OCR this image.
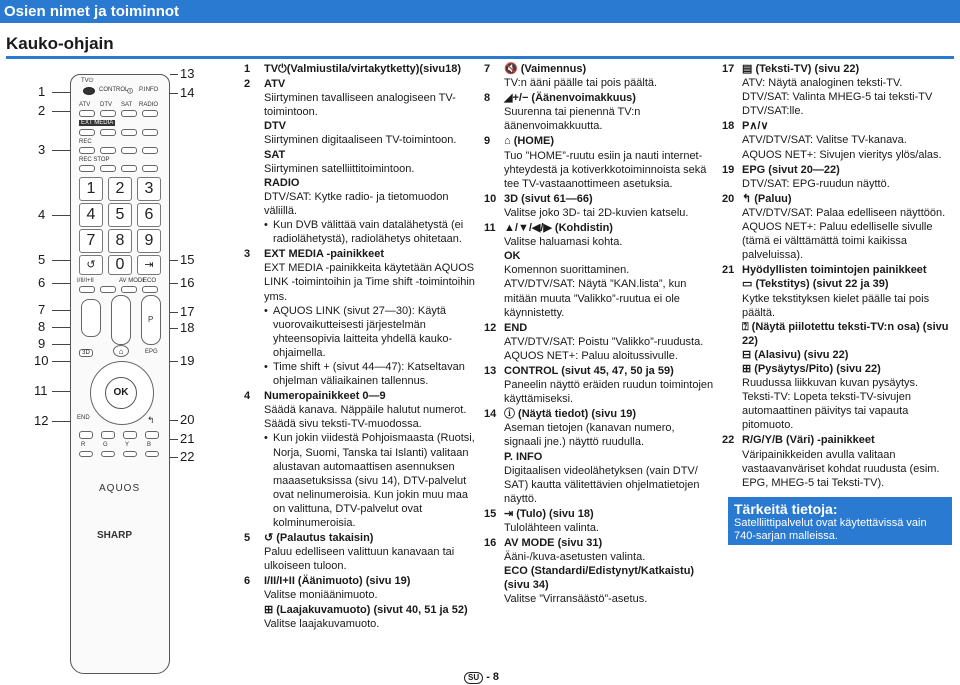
Osien nimet ja toiminnot
Kauko-ohjain
TV⏻
CONTROL
🛈 P.INFO
ATV DTV SAT RADIO
EXT MEDIA
REC
REC STOP
1	2	3
4	5	6
7	8	9
↺	0	⇥
I/II/I+II	AV MODE
ECO
P
3D	⌂	EPG
OK
END	↰
R	G	Y	B
AQUOS
SHARP
1
2
3
4
5
6
7
8
9
10
11
12
13
14
15
16
17
18
19
20
21
22
1 TV⏻(Valmiustila/virtakytketty)(sivu18)

2 ATV

Siirtyminen tavalliseen analogiseen TV-toimintoon.

DTV

Siirtyminen digitaaliseen TV-toimintoon.

SAT

Siirtyminen satelliittitoimintoon.

RADIO

DTV/SAT: Kytke radio- ja tietomuodon väliillä.

• Kun DVB välittää vain datalähetystä (ei radiolähetystä), radiolähetys ohitetaan.

3 EXT MEDIA -painikkeet

EXT MEDIA -painikkeita käytetään AQUOS LINK -toimintoihin ja Time shift -toimintoihin yms.

• AQUOS LINK (sivut 27—30): Käytä vuorovaikutteisesti järjestelmän yhteensopivia laitteita yhdellä kauko-ohjaimella.

• Time shift + (sivut 44—47): Katseltavan ohjelman väliaikainen tallennus.

4 Numeropainikkeet 0—9

Säädä kanava. Näppäile halutut numerot. Säädä sivu teksti-TV-muodossa.

• Kun jokin viidestä Pohjoismaasta (Ruotsi, Norja, Suomi, Tanska tai Islanti) valitaan alustavan automaattisen asennuksen maaasetuksissa (sivu 14), DTV-palvelut ovat nelinumeroisia. Kun jokin muu maa on valittuna, DTV-palvelut ovat kolminumeroisia.

5 ↺ (Palautus takaisin)

Paluu edelliseen valittuun kanavaan tai ulkoiseen tuloon.

6 I/II/I+II (Äänimuoto) (sivu 19)

Valitse moniäänimuoto.

⊞ (Laajakuvamuoto) (sivut 40, 51 ja 52)

Valitse laajakuvamuoto.

7 🔇 (Vaimennus)

TV:n ääni päälle tai pois päältä.

8 ◢+/− (Äänenvoimakkuus)

Suurenna tai pienennä TV:n äänenvoimakkuutta.

9 ⌂ (HOME)

Tuo ”HOME”-ruutu esiin ja nauti internet-yhteydestä ja kotiverkkotoiminnoista sekä tee TV-vastaanottimeen asetuksia.

10 3D (sivut 61—66)

Valitse joko 3D- tai 2D-kuvien katselu.

11 ▲/▼/◀/▶ (Kohdistin)

Valitse haluamasi kohta.

OK

Komennon suorittaminen.

ATV/DTV/SAT: Näytä ”KAN.lista”, kun mitään muuta ”Valikko”-ruutua ei ole käynnistetty.

12 END

ATV/DTV/SAT: Poistu ”Valikko”-ruudusta.

AQUOS NET+: Paluu aloitussivulle.

13 CONTROL (sivut 45, 47, 50 ja 59)

Paneelin näyttö eräiden ruudun toimintojen käyttämiseksi.

14 ⓘ (Näytä tiedot) (sivu 19)

Aseman tietojen (kanavan numero, signaali jne.) näyttö ruudulla.

P. INFO

Digitaalisen videolähetyksen (vain DTV/ SAT) kautta välitettävien ohjelmatietojen näyttö.

15 ⇥ (Tulo) (sivu 18)

Tulolähteen valinta.

16 AV MODE (sivu 31)

Ääni-/kuva-asetusten valinta.

ECO (Standardi/Edistynyt/Katkaistu) (sivu 34)

Valitse ”Virransäästö”-asetus.

17 ▤ (Teksti-TV) (sivu 22)

ATV: Näytä analoginen teksti-TV.

DTV/SAT: Valinta MHEG-5 tai teksti-TV DTV/SAT:lle.

18 P∧/∨

ATV/DTV/SAT: Valitse TV-kanava.

AQUOS NET+: Sivujen vieritys ylös/alas.

19 EPG (sivut 20—22)

DTV/SAT: EPG-ruudun näyttö.

20 ↰ (Paluu)

ATV/DTV/SAT: Palaa edelliseen näyttöön.

AQUOS NET+: Paluu edelliselle sivulle (tämä ei välttämättä toimi kaikissa palveluissa).

21 Hyödyllisten toimintojen painikkeet

▭ (Tekstitys) (sivut 22 ja 39)

Kytke tekstityksen kielet päälle tai pois päältä.

⍰ (Näytä piilotettu teksti-TV:n osa) (sivu 22)

⊟ (Alasivu) (sivu 22)

⊞ (Pysäytys/Pito) (sivu 22)

Ruudussa liikkuvan kuvan pysäytys.

Teksti-TV: Lopeta teksti-TV-sivujen automaattinen päivitys tai vapauta pitomuoto.

22 R/G/Y/B (Väri) -painikkeet

Väripainikkeiden avulla valitaan vastaavanväriset kohdat ruudusta (esim. EPG, MHEG-5 tai Teksti-TV).

Tärkeitä tietoja:
Satelliittipalvelut ovat käytettävissä vain 740-sarjan malleissa.
SU - 8
